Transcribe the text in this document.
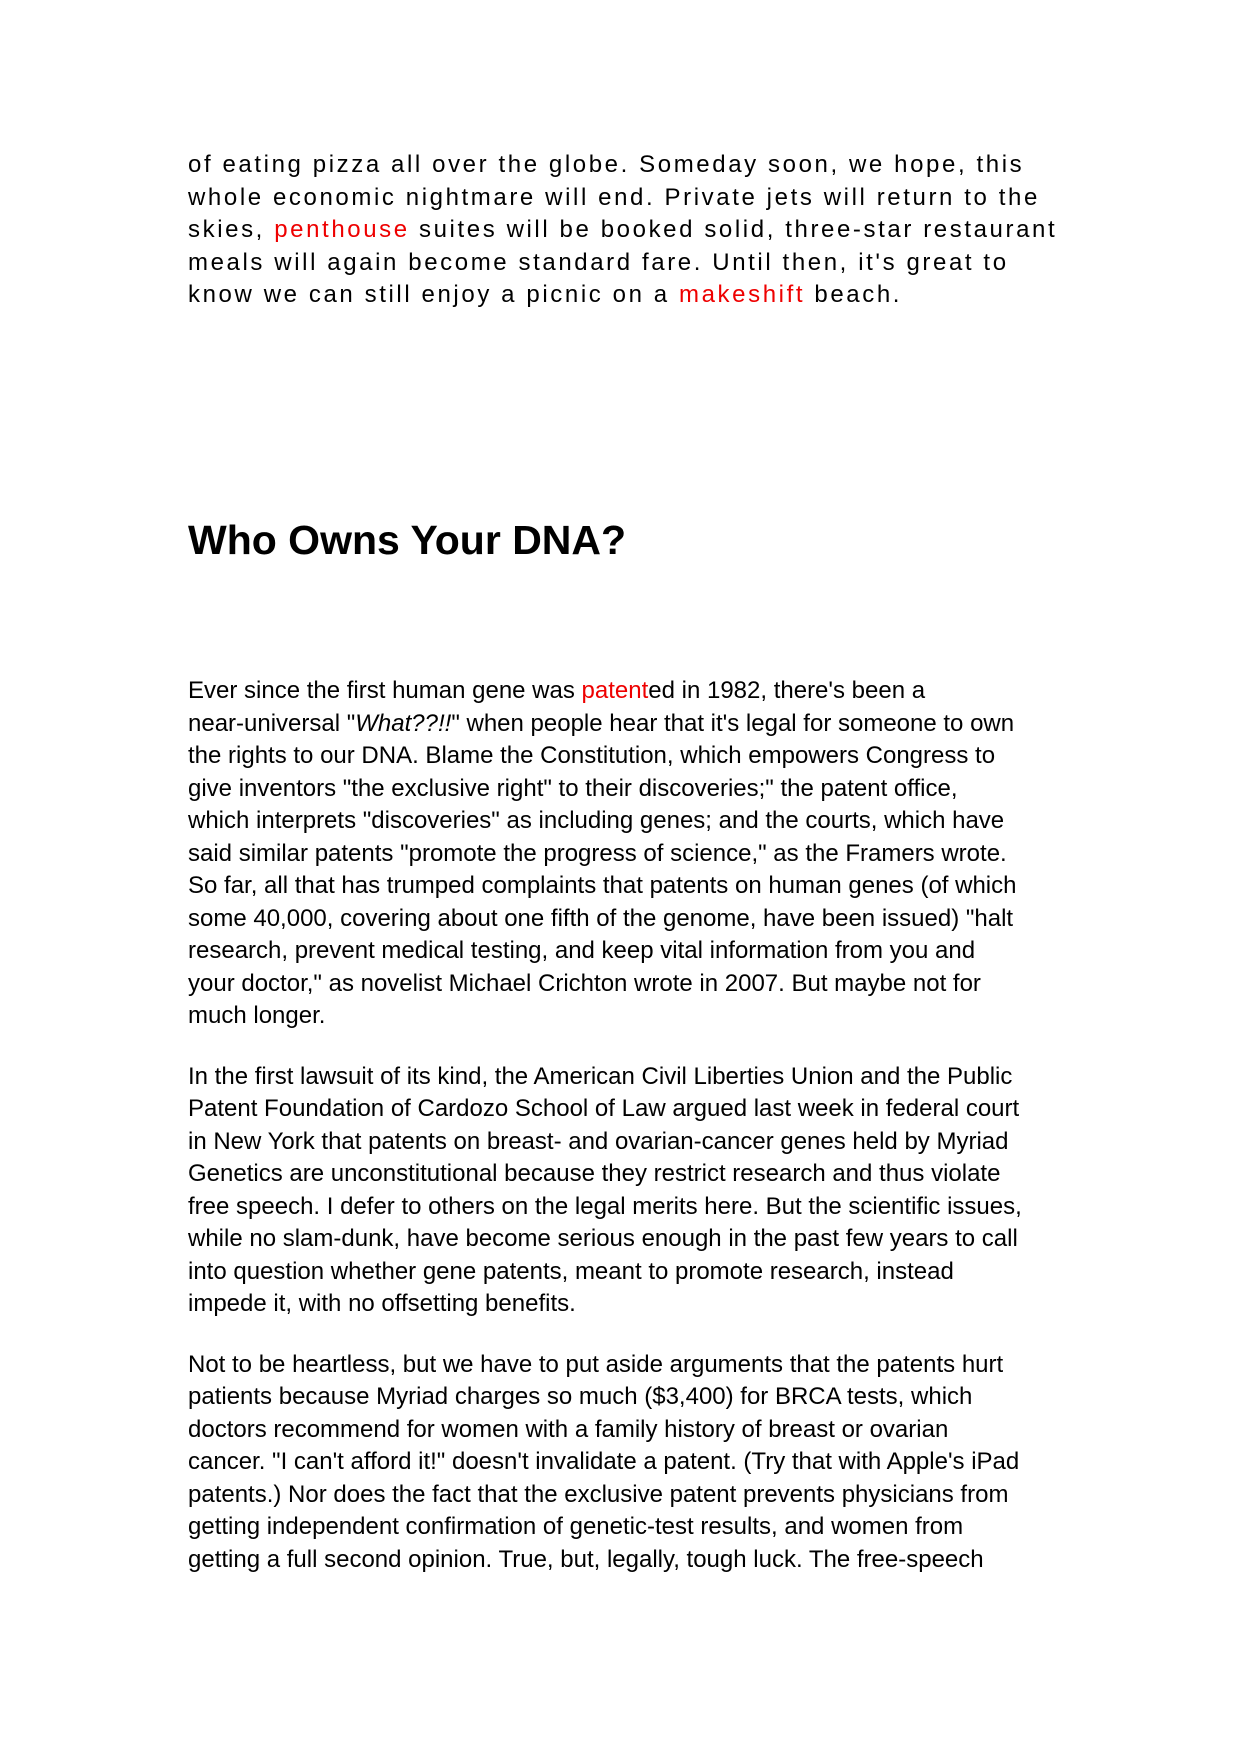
of eating pizza all over the globe. Someday soon, we hope, this
whole economic nightmare will end. Private jets will return to the
skies, penthouse suites will be booked solid, three-star restaurant
meals will again become standard fare. Until then, it's great to
know we can still enjoy a picnic on a makeshift beach.
Who Owns Your DNA?

Ever since the first human gene was patented in 1982, there's been a
near-universal "What??!!" when people hear that it's legal for someone to own
the rights to our DNA. Blame the Constitution, which empowers Congress to
give inventors "the exclusive right" to their discoveries;" the patent office,
which interprets "discoveries" as including genes; and the courts, which have
said similar patents "promote the progress of science," as the Framers wrote.
So far, all that has trumped complaints that patents on human genes (of which
some 40,000, covering about one fifth of the genome, have been issued) "halt
research, prevent medical testing, and keep vital information from you and
your doctor," as novelist Michael Crichton wrote in 2007. But maybe not for
much longer.

In the first lawsuit of its kind, the American Civil Liberties Union and the Public
Patent Foundation of Cardozo School of Law argued last week in federal court
in New York that patents on breast- and ovarian-cancer genes held by Myriad
Genetics are unconstitutional because they restrict research and thus violate
free speech. I defer to others on the legal merits here. But the scientific issues,
while no slam-dunk, have become serious enough in the past few years to call
into question whether gene patents, meant to promote research, instead
impede it, with no offsetting benefits.

Not to be heartless, but we have to put aside arguments that the patents hurt
patients because Myriad charges so much ($3,400) for BRCA tests, which
doctors recommend for women with a family history of breast or ovarian
cancer. "I can't afford it!" doesn't invalidate a patent. (Try that with Apple's iPad
patents.) Nor does the fact that the exclusive patent prevents physicians from
getting independent confirmation of genetic-test results, and women from
getting a full second opinion. True, but, legally, tough luck. The free-speech
